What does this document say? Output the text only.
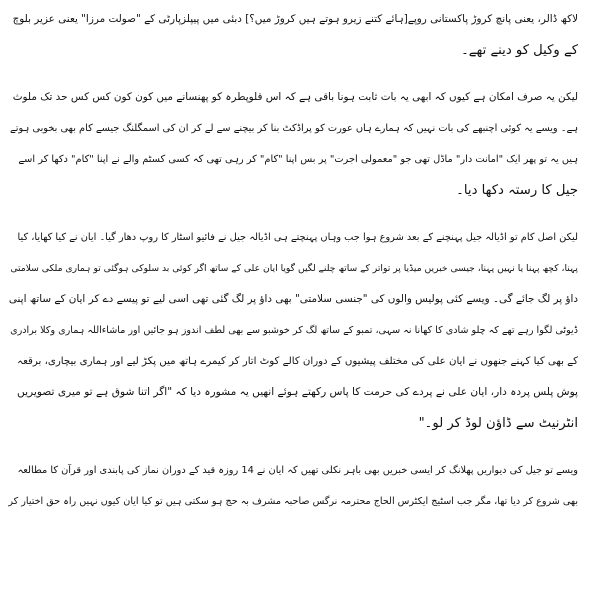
لاکھ ڈالر، یعنی پانچ کروڑ پاکستانی روپے[ہائے کتنے زیرو ہوتے ہیں کروڑ میں؟] دبئی میں پیپلزپارٹی کے "صولت مرزا" یعنی عزیر بلوچ
کے وکیل کو دینے تھے۔

لیکن یہ صرف امکان ہے کیوں کہ ابھی یہ بات ثابت ہونا باقی ہے کہ اس قلوپطرہ کو پھنسانے میں کون کون کس کس حد تک ملوث
ہے۔ ویسے یہ کوئی اچنبھے کی بات نہیں کہ ہمارے ہاں عورت کو پراڈکٹ بنا کر بیچنے سے لے کر ان کی اسمگلنگ جیسے کام بھی بخوبی ہوتے
ہیں یہ تو پھر ایک "امانت دار" ماڈل تھی جو "معمولی اجرت" پر بس اپنا "کام" کر رہی تھی کہ کسی کسٹم والے نے اپنا "کام" دکھا کر اسے
جیل کا رستہ دکھا دیا۔

لیکن اصل کام تو اڈیالہ جیل پہنچنے کے بعد شروع ہوا جب وہاں پہنچتے ہی اڈیالہ جیل نے فائیو اسٹار کا روپ دھار گیا۔ ایان نے کیا کھایا، کیا
پہنا، کچھ پہنا یا نہیں پہنا، جیسی خبریں میڈیا پر تواتر کے ساتھ چلنے لگیں گویا ایان علی کے ساتھ اگر کوئی بد سلوکی ہوگئی تو ہماری ملکی سلامتی
داؤ پر لگ جائے گی۔ ویسے کئی پولیس والوں کی "جنسی سلامتی" بھی داؤ پر لگ گئی تھی اسی لیے تو پیسے دے کر ایان کے ساتھ اپنی
ڈیوٹی لگوا رہے تھے کہ چلو شادی کا کھانا نہ سہی، تمبو کے ساتھ لگ کر خوشبو سے بھی لطف اندوز ہو جائیں اور ماشاءاللہ ہماری وکلا برادری
کے بھی کیا کہنے جنھوں نے ایان علی کی مختلف پیشیوں کے دوران کالے کوٹ اتار کر کیمرے ہاتھ میں پکڑ لیے اور ہماری بیچاری، برقعہ
پوش پلس پردہ دار، ایان علی نے پردے کی حرمت کا پاس رکھتے ہوئے انھیں یہ مشورہ دیا کہ "اگر اتنا شوق ہے تو میری تصویریں
انٹرنیٹ سے ڈاؤن لوڈ کر لو۔"

ویسے تو جیل کی دیواریں پھلانگ کر ایسی خبریں بھی باہر نکلی تھیں کہ ایان نے 14 روزہ قید کے دوران نماز کی پابندی اور قرآن کا مطالعہ
بھی شروع کر دیا تھا، مگر جب اسٹیج ایکٹرس الحاج محترمہ نرگس صاحبہ مشرف بہ حج ہو سکتی ہیں تو کیا ایان کیوں نہیں راہ حق اختیار کر
